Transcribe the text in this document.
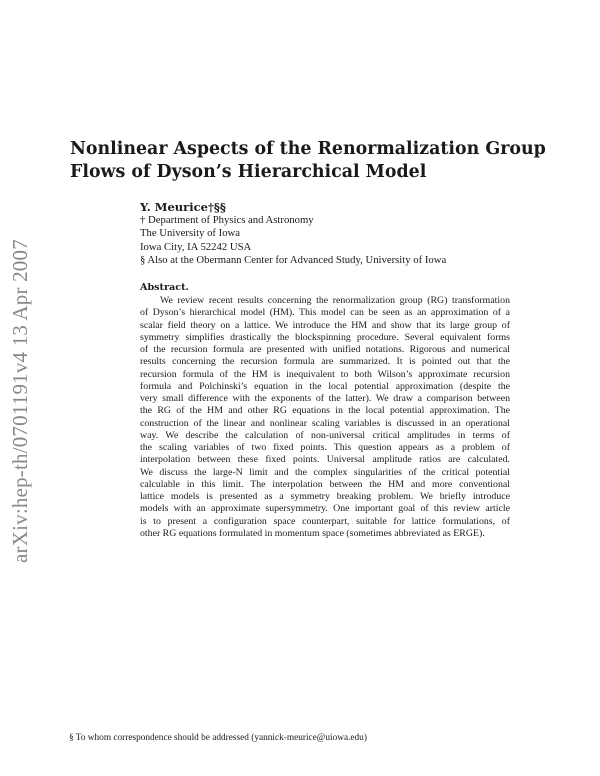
arXiv:hep-th/0701191v4 13 Apr 2007
Nonlinear Aspects of the Renormalization Group
Flows of Dyson’s Hierarchical Model
Y. Meurice†§§
† Department of Physics and Astronomy
The University of Iowa
Iowa City, IA 52242 USA
§ Also at the Obermann Center for Advanced Study, University of Iowa
Abstract.
We review recent results concerning the renormalization group (RG) transformation
of Dyson’s hierarchical model (HM). This model can be seen as an approximation of a
scalar field theory on a lattice. We introduce the HM and show that its large group of
symmetry simplifies drastically the blockspinning procedure. Several equivalent forms
of the recursion formula are presented with unified notations. Rigorous and numerical
results concerning the recursion formula are summarized. It is pointed out that the
recursion formula of the HM is inequivalent to both Wilson’s approximate recursion
formula and Polchinski’s equation in the local potential approximation (despite the
very small difference with the exponents of the latter). We draw a comparison between
the RG of the HM and other RG equations in the local potential approximation. The
construction of the linear and nonlinear scaling variables is discussed in an operational
way. We describe the calculation of non-universal critical amplitudes in terms of
the scaling variables of two fixed points. This question appears as a problem of
interpolation between these fixed points. Universal amplitude ratios are calculated.
We discuss the large-N limit and the complex singularities of the critical potential
calculable in this limit. The interpolation between the HM and more conventional
lattice models is presented as a symmetry breaking problem. We briefly introduce
models with an approximate supersymmetry. One important goal of this review article
is to present a configuration space counterpart, suitable for lattice formulations, of
other RG equations formulated in momentum space (sometimes abbreviated as ERGE).
§ To whom correspondence should be addressed (yannick-meurice@uiowa.edu)
